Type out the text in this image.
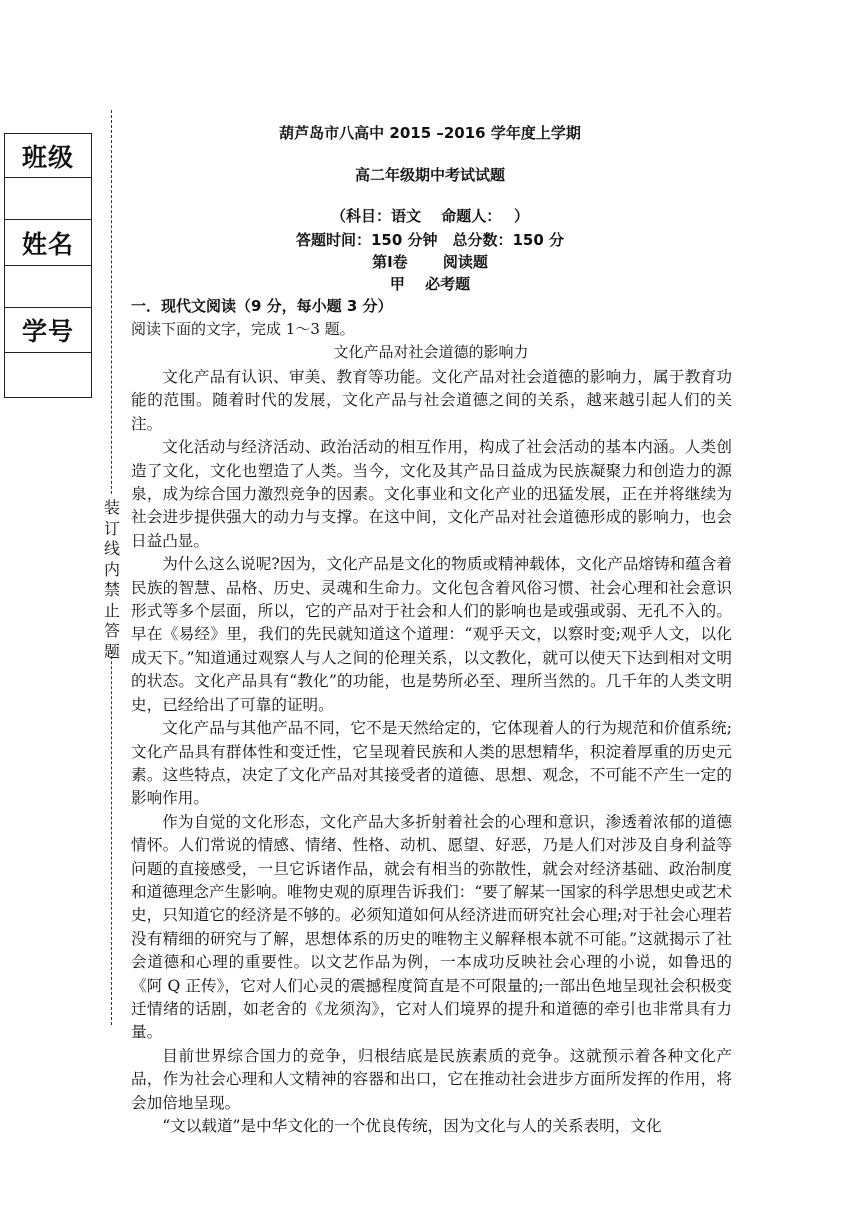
班级
姓名
学号
装订线内禁止答题
葫芦岛市八高中 2015 –2016 学年度上学期
高二年级期中考试试题
（科目：语文　 命题人：　 ）
答题时间：150 分钟　总分数：150 分
第Ⅰ卷　　 阅读题
甲　 必考题
一．现代文阅读（9 分，每小题 3 分）
阅读下面的文字，完成 1～3 题。
文化产品对社会道德的影响力

文化产品有认识、审美、教育等功能。文化产品对社会道德的影响力，属于教育功能的范围。随着时代的发展，文化产品与社会道德之间的关系，越来越引起人们的关注。

文化活动与经济活动、政治活动的相互作用，构成了社会活动的基本内涵。人类创造了文化，文化也塑造了人类。当今，文化及其产品日益成为民族凝聚力和创造力的源泉，成为综合国力激烈竞争的因素。文化事业和文化产业的迅猛发展，正在并将继续为社会进步提供强大的动力与支撑。在这中间，文化产品对社会道德形成的影响力，也会日益凸显。

为什么这么说呢?因为，文化产品是文化的物质或精神载体，文化产品熔铸和蕴含着民族的智慧、品格、历史、灵魂和生命力。文化包含着风俗习惯、社会心理和社会意识形式等多个层面，所以，它的产品对于社会和人们的影响也是或强或弱、无孔不入的。早在《易经》里，我们的先民就知道这个道理：“观乎天文，以察时变;观乎人文，以化成天下。”知道通过观察人与人之间的伦理关系，以文教化，就可以使天下达到相对文明的状态。文化产品具有“教化”的功能，也是势所必至、理所当然的。几千年的人类文明史，已经给出了可靠的证明。

文化产品与其他产品不同，它不是天然给定的，它体现着人的行为规范和价值系统;文化产品具有群体性和变迁性，它呈现着民族和人类的思想精华，积淀着厚重的历史元素。这些特点，决定了文化产品对其接受者的道德、思想、观念，不可能不产生一定的影响作用。

作为自觉的文化形态，文化产品大多折射着社会的心理和意识，渗透着浓郁的道德情怀。人们常说的情感、情绪、性格、动机、愿望、好恶，乃是人们对涉及自身利益等问题的直接感受，一旦它诉诸作品，就会有相当的弥散性，就会对经济基础、政治制度和道德理念产生影响。唯物史观的原理告诉我们：“要了解某一国家的科学思想史或艺术史，只知道它的经济是不够的。必须知道如何从经济进而研究社会心理;对于社会心理若没有精细的研究与了解，思想体系的历史的唯物主义解释根本就不可能。”这就揭示了社会道德和心理的重要性。以文艺作品为例，一本成功反映社会心理的小说，如鲁迅的《阿 Q 正传》，它对人们心灵的震撼程度简直是不可限量的;一部出色地呈现社会积极变迁情绪的话剧，如老舍的《龙须沟》，它对人们境界的提升和道德的牵引也非常具有力量。

目前世界综合国力的竞争，归根结底是民族素质的竞争。这就预示着各种文化产品，作为社会心理和人文精神的容器和出口，它在推动社会进步方面所发挥的作用，将会加倍地呈现。

“文以载道”是中华文化的一个优良传统，因为文化与人的关系表明，文化
